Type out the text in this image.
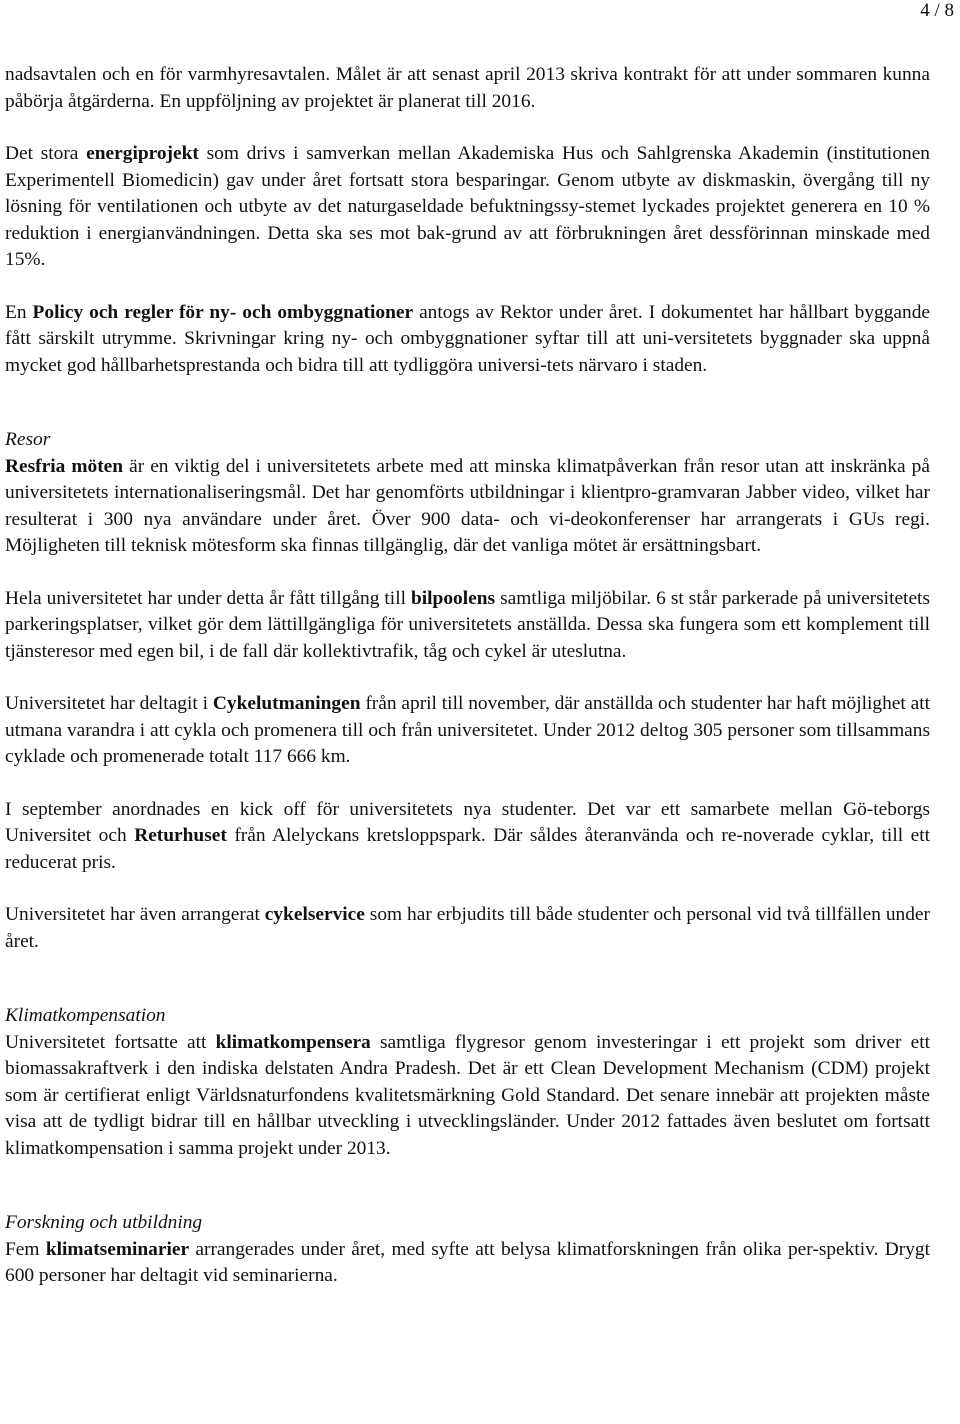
4 / 8

nadsavtalen och en för varmhyresavtalen. Målet är att senast april 2013 skriva kontrakt för att under sommaren kunna påbörja åtgärderna. En uppföljning av projektet är planerat till 2016.

Det stora energiprojekt som drivs i samverkan mellan Akademiska Hus och Sahlgrenska Akademin (institutionen Experimentell Biomedicin) gav under året fortsatt stora besparingar. Genom utbyte av diskmaskin, övergång till ny lösning för ventilationen och utbyte av det naturgaseldade befuktningssy-stemet lyckades projektet generera en 10 % reduktion i energianvändningen. Detta ska ses mot bak-grund av att förbrukningen året dessförinnan minskade med 15%.

En Policy och regler för ny- och ombyggnationer antogs av Rektor under året. I dokumentet har hållbart byggande fått särskilt utrymme. Skrivningar kring ny- och ombyggnationer syftar till att uni-versitetets byggnader ska uppnå mycket god hållbarhetsprestanda och bidra till att tydliggöra universi-tets närvaro i staden.

Resor

Resfria möten är en viktig del i universitetets arbete med att minska klimatpåverkan från resor utan att inskränka på universitetets internationaliseringsmål. Det har genomförts utbildningar i klientpro-gramvaran Jabber video, vilket har resulterat i 300 nya användare under året. Över 900 data- och vi-deokonferenser har arrangerats i GUs regi. Möjligheten till teknisk mötesform ska finnas tillgänglig, där det vanliga mötet är ersättningsbart.

Hela universitetet har under detta år fått tillgång till bilpoolens samtliga miljöbilar. 6 st står parkerade på universitetets parkeringsplatser, vilket gör dem lättillgängliga för universitetets anställda. Dessa ska fungera som ett komplement till tjänsteresor med egen bil, i de fall där kollektivtrafik, tåg och cykel är uteslutna.

Universitetet har deltagit i Cykelutmaningen från april till november, där anställda och studenter har haft möjlighet att utmana varandra i att cykla och promenera till och från universitetet. Under 2012 deltog 305 personer som tillsammans cyklade och promenerade totalt 117 666 km.

I september anordnades en kick off för universitetets nya studenter. Det var ett samarbete mellan Gö-teborgs Universitet och Returhuset från Alelyckans kretsloppspark. Där såldes återanvända och re-noverade cyklar, till ett reducerat pris.

Universitetet har även arrangerat cykelservice som har erbjudits till både studenter och personal vid två tillfällen under året.

Klimatkompensation

Universitetet fortsatte att klimatkompensera samtliga flygresor genom investeringar i ett projekt som driver ett biomassakraftverk i den indiska delstaten Andra Pradesh. Det är ett Clean Development Mechanism (CDM) projekt som är certifierat enligt Världsnaturfondens kvalitetsmärkning Gold Standard. Det senare innebär att projekten måste visa att de tydligt bidrar till en hållbar utveckling i utvecklingsländer. Under 2012 fattades även beslutet om fortsatt klimatkompensation i samma projekt under 2013.

Forskning och utbildning

Fem klimatseminarier arrangerades under året, med syfte att belysa klimatforskningen från olika per-spektiv. Drygt 600 personer har deltagit vid seminarierna.
